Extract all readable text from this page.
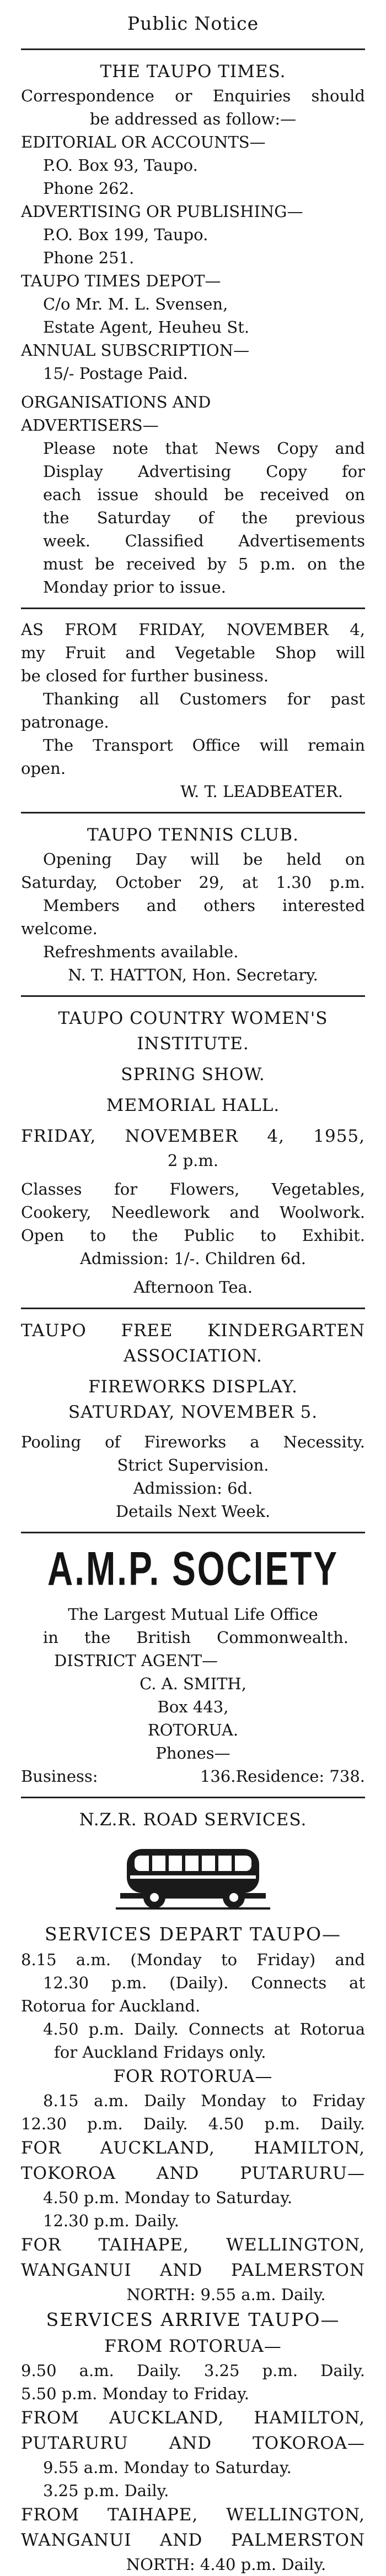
Public Notice
THE TAUPO TIMES.
Correspondence or Enquiries should
be addressed as follow:—
EDITORIAL OR ACCOUNTS—
P.O. Box 93, Taupo.
Phone 262.
ADVERTISING OR PUBLISHING—
P.O. Box 199, Taupo.
Phone 251.
TAUPO TIMES DEPOT—
C/o Mr. M. L. Svensen,
Estate Agent, Heuheu St.
ANNUAL SUBSCRIPTION—
15/- Postage Paid.
ORGANISATIONS AND
ADVERTISERS—
Please note that News Copy and
Display Advertising Copy for
each issue should be received on
the Saturday of the previous
week. Classified Advertisements
must be received by 5 p.m. on the
Monday prior to issue.
AS FROM FRIDAY, NOVEMBER 4,
my Fruit and Vegetable Shop will
be closed for further business.
Thanking all Customers for past
patronage.
The Transport Office will remain
open.
W. T. LEADBEATER.
TAUPO TENNIS CLUB.
Opening Day will be held on
Saturday, October 29, at 1.30 p.m.
Members and others interested
welcome.
Refreshments available.
N. T. HATTON, Hon. Secretary.
TAUPO COUNTRY WOMEN'S
INSTITUTE.
SPRING SHOW.
MEMORIAL HALL.
FRIDAY, NOVEMBER 4, 1955,
2 p.m.
Classes for Flowers, Vegetables,
Cookery, Needlework and Woolwork.
Open to the Public to Exhibit.
Admission: 1/-. Children 6d.
Afternoon Tea.
TAUPO FREE KINDERGARTEN
ASSOCIATION.
FIREWORKS DISPLAY.
SATURDAY, NOVEMBER 5.
Pooling of Fireworks a Necessity.
Strict Supervision.
Admission: 6d.
Details Next Week.
A.M.P. SOCIETY
The Largest Mutual Life Office
in the British Commonwealth.
DISTRICT AGENT—
C. A. SMITH,
Box 443,
ROTORUA.
Phones—
Business: 136. Residence: 738.
N.Z.R. ROAD SERVICES.
SERVICES DEPART TAUPO—
8.15 a.m. (Monday to Friday) and
12.30 p.m. (Daily). Connects at
Rotorua for Auckland.
4.50 p.m. Daily. Connects at Rotorua
for Auckland Fridays only.
FOR ROTORUA—
8.15 a.m. Daily Monday to Friday
12.30 p.m. Daily. 4.50 p.m. Daily.
FOR AUCKLAND, HAMILTON,
TOKOROA AND PUTARURU—
4.50 p.m. Monday to Saturday.
12.30 p.m. Daily.
FOR TAIHAPE, WELLINGTON,
WANGANUI AND PALMERSTON
NORTH: 9.55 a.m. Daily.
SERVICES ARRIVE TAUPO—
FROM ROTORUA—
9.50 a.m. Daily. 3.25 p.m. Daily.
5.50 p.m. Monday to Friday.
FROM AUCKLAND, HAMILTON,
PUTARURU AND TOKOROA—
9.55 a.m. Monday to Saturday.
3.25 p.m. Daily.
FROM TAIHAPE, WELLINGTON,
WANGANUI AND PALMERSTON
NORTH: 4.40 p.m. Daily.
